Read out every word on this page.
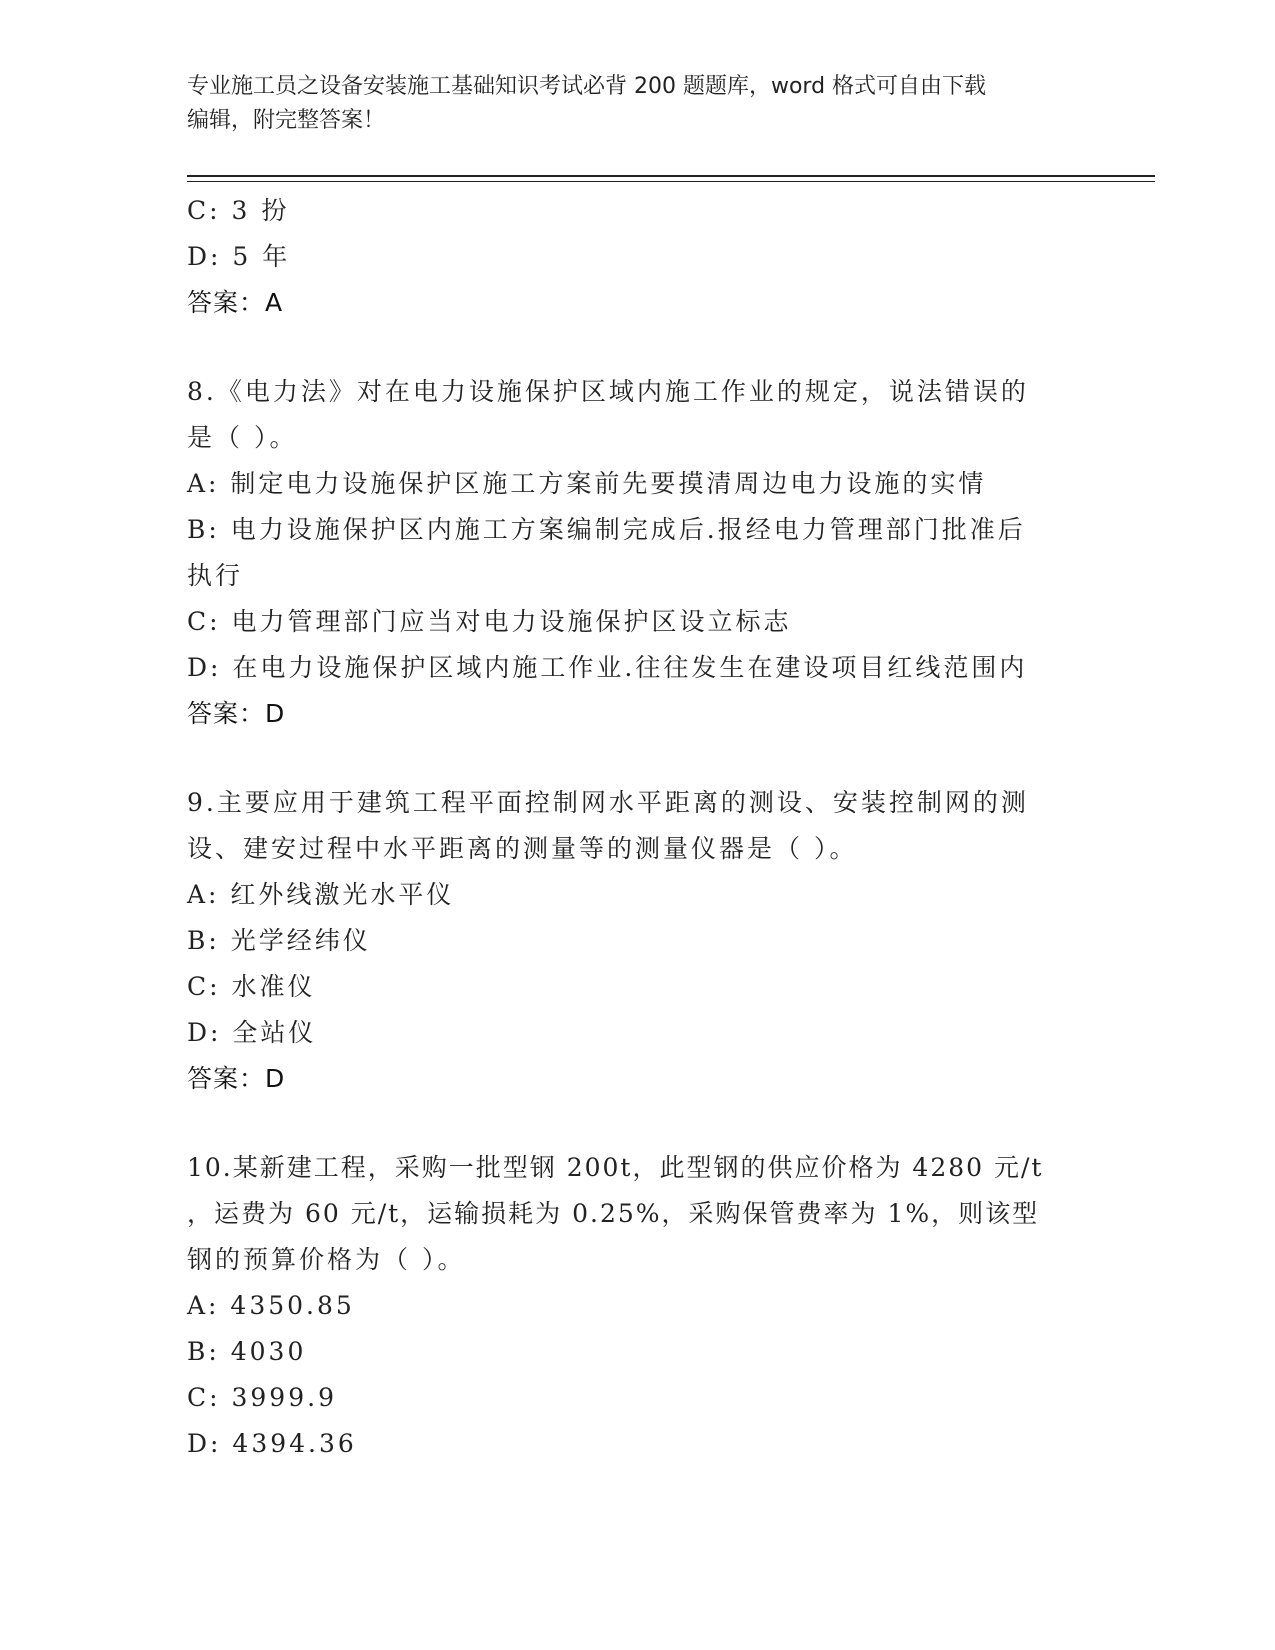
专业施工员之设备安装施工基础知识考试必背 200 题题库，word 格式可自由下载
编辑，附完整答案！
C: 3 扮
D: 5 年
答案：A
8.《电力法》对在电力设施保护区域内施工作业的规定，说法错误的
是（ ）。
A: 制定电力设施保护区施工方案前先要摸清周边电力设施的实情
B: 电力设施保护区内施工方案编制完成后.报经电力管理部门批准后
执行
C: 电力管理部门应当对电力设施保护区设立标志
D: 在电力设施保护区域内施工作业.往往发生在建设项目红线范围内
答案：D
9.主要应用于建筑工程平面控制网水平距离的测设、安装控制网的测
设、建安过程中水平距离的测量等的测量仪器是（ ）。
A: 红外线激光水平仪
B: 光学经纬仪
C: 水准仪
D: 全站仪
答案：D
10.某新建工程，采购一批型钢 200t，此型钢的供应价格为 4280 元/t
，运费为 60 元/t，运输损耗为 0.25%，采购保管费率为 1%，则该型
钢的预算价格为（ ）。
A: 4350.85
B: 4030
C: 3999.9
D: 4394.36
